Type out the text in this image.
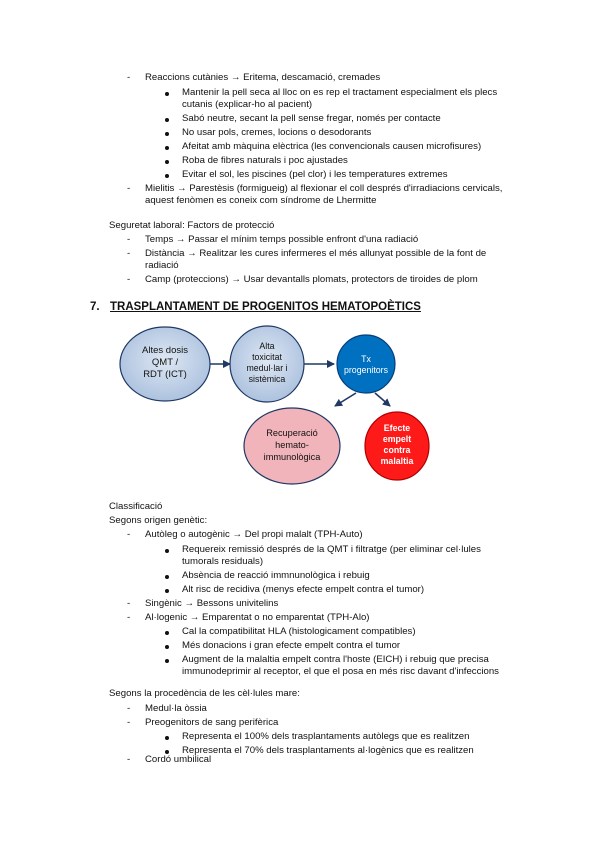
- Reaccions cutànies → Eritema, descamació, cremades
Mantenir la pell seca al lloc on es rep el tractament especialment els plecs
cutanis (explicar-ho al pacient)
Sabó neutre, secant la pell sense fregar, només per contacte
No usar pols, cremes, locions o desodorants
Afeitat amb màquina elèctrica (les convencionals causen microfisures)
Roba de fibres naturals i poc ajustades
Evitar el sol, les piscines (pel clor) i les temperatures extremes
- Mielitis → Parestèsis (formigueig) al flexionar el coll després d'irradiacions cervicals,
aquest fenòmen es coneix com síndrome de Lhermitte
Seguretat laboral: Factors de protecció
- Temps → Passar el mínim temps possible enfront d'una radiació
- Distància → Realitzar les cures infermeres el més allunyat possible de la font de
radiació
- Camp (proteccions) → Usar devantalls plomats, protectors de tiroides de plom
7. TRASPLANTAMENT DE PROGENITOS HEMATOPOÈTICS
Altes dosis
QMT /
RDT (ICT)
Alta
toxicitat
medul·lar i
sistèmica
Tx
progenitors
Recuperació
hemato-
immunològica
Efecte
empelt
contra
malaltia
Classificació
Segons origen genètic:
- Autòleg o autogènic → Del propi malalt (TPH-Auto)
Requereix remissió després de la QMT i filtratge (per eliminar cel·lules
tumorals residuals)
Absència de reacció immnunològica i rebuig
Alt risc de recidiva (menys efecte empelt contra el tumor)
- Singènic → Bessons univitelins
- Al·logenic → Emparentat o no emparentat (TPH-Alo)
Cal la compatibilitat HLA (histologicament compatibles)
Més donacions i gran efecte empelt contra el tumor
Augment de la malaltia empelt contra l'hoste (EICH) i rebuig que precisa
immunodeprimir al receptor, el que el posa en més risc davant d'infeccions
Segons la procedència de les cèl·lules mare:
- Medul·la òssia
- Preogenitors de sang perifèrica
Representa el 100% dels trasplantaments autòlegs que es realitzen
Representa el 70% dels trasplantaments al·logènics que es realitzen
- Cordó umbilical
